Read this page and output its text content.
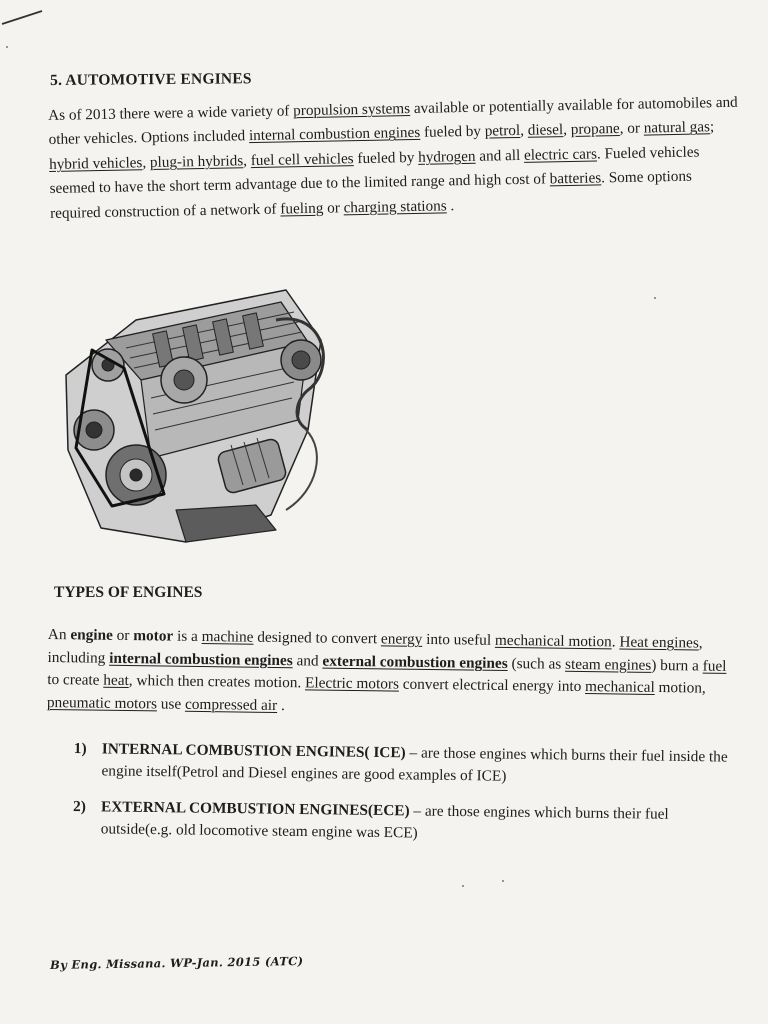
5. AUTOMOTIVE ENGINES

As of 2013 there were a wide variety of propulsion systems available or potentially available for automobiles and other vehicles. Options included internal combustion engines fueled by petrol, diesel, propane, or natural gas; hybrid vehicles, plug-in hybrids, fuel cell vehicles fueled by hydrogen and all electric cars. Fueled vehicles seemed to have the short term advantage due to the limited range and high cost of batteries. Some options required construction of a network of fueling or charging stations .

TYPES OF ENGINES

An engine or motor is a machine designed to convert energy into useful mechanical motion. Heat engines, including internal combustion engines and external combustion engines (such as steam engines) burn a fuel to create heat, which then creates motion. Electric motors convert electrical energy into mechanical motion, pneumatic motors use compressed air .

1) INTERNAL COMBUSTION ENGINES( ICE) – are those engines which burns their fuel inside the engine itself(Petrol and Diesel engines are good examples of ICE)
2) EXTERNAL COMBUSTION ENGINES(ECE) – are those engines which burns their fuel outside(e.g. old locomotive steam engine was ECE)
By Eng. Missana. WP-Jan. 2015 (ATC)
